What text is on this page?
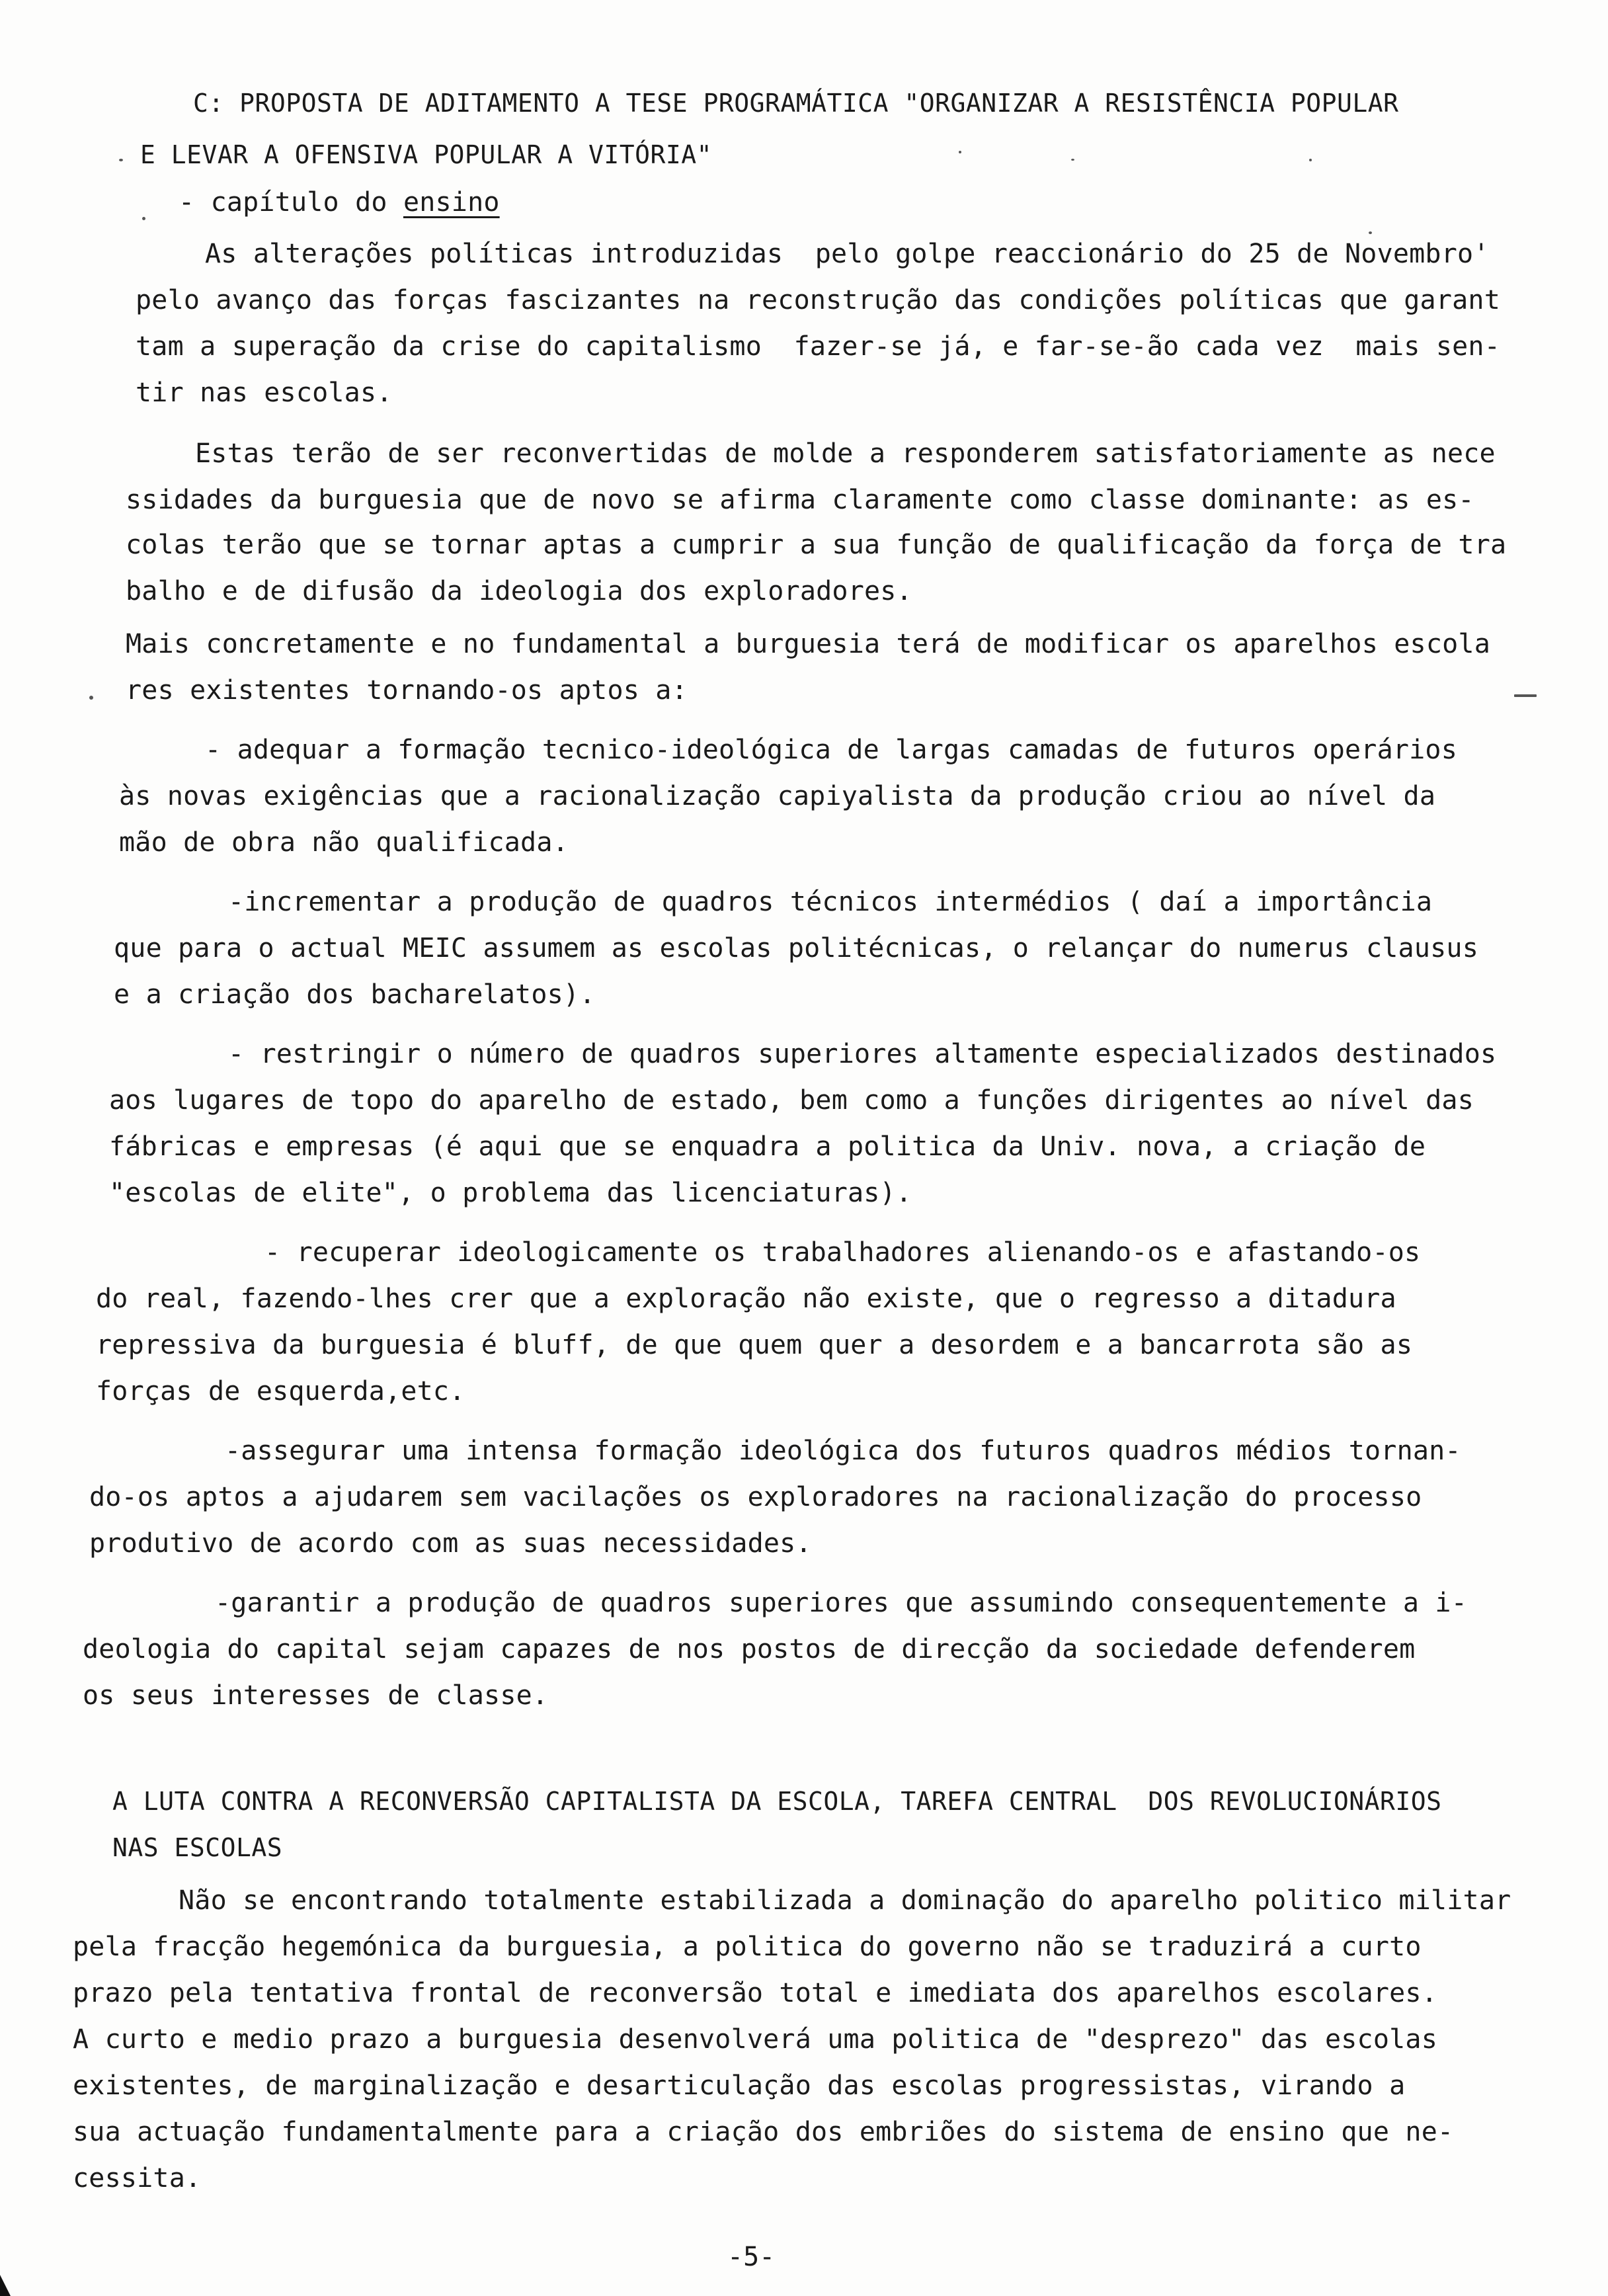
C: PROPOSTA DE ADITAMENTO A TESE PROGRAMÁTICA "ORGANIZAR A RESISTÊNCIA POPULAR
E LEVAR A OFENSIVA POPULAR A VITÓRIA"
- capítulo do ensino
As alterações políticas introduzidas  pelo golpe reaccionário do 25 de Novembro'
pelo avanço das forças fascizantes na reconstrução das condições políticas que garant
tam a superação da crise do capitalismo  fazer-se já, e far-se-ão cada vez  mais sen-
tir nas escolas.
Estas terão de ser reconvertidas de molde a responderem satisfatoriamente as nece
ssidades da burguesia que de novo se afirma claramente como classe dominante: as es-
colas terão que se tornar aptas a cumprir a sua função de qualificação da força de tra
balho e de difusão da ideologia dos exploradores.
Mais concretamente e no fundamental a burguesia terá de modificar os aparelhos escola
res existentes tornando-os aptos a:
- adequar a formação tecnico-ideológica de largas camadas de futuros operários
às novas exigências que a racionalização capiyalista da produção criou ao nível da
mão de obra não qualificada.
-incrementar a produção de quadros técnicos intermédios ( daí a importância
que para o actual MEIC assumem as escolas politécnicas, o relançar do numerus clausus
e a criação dos bacharelatos).
- restringir o número de quadros superiores altamente especializados destinados
aos lugares de topo do aparelho de estado, bem como a funções dirigentes ao nível das
fábricas e empresas (é aqui que se enquadra a politica da Univ. nova, a criação de
"escolas de elite", o problema das licenciaturas).
- recuperar ideologicamente os trabalhadores alienando-os e afastando-os
do real, fazendo-lhes crer que a exploração não existe, que o regresso a ditadura
repressiva da burguesia é bluff, de que quem quer a desordem e a bancarrota são as
forças de esquerda,etc.
-assegurar uma intensa formação ideológica dos futuros quadros médios tornan-
do-os aptos a ajudarem sem vacilações os exploradores na racionalização do processo
produtivo de acordo com as suas necessidades.
-garantir a produção de quadros superiores que assumindo consequentemente a i-
deologia do capital sejam capazes de nos postos de direcção da sociedade defenderem
os seus interesses de classe.
A LUTA CONTRA A RECONVERSÃO CAPITALISTA DA ESCOLA, TAREFA CENTRAL  DOS REVOLUCIONÁRIOS
NAS ESCOLAS
Não se encontrando totalmente estabilizada a dominação do aparelho politico militar
pela fracção hegemónica da burguesia, a politica do governo não se traduzirá a curto
prazo pela tentativa frontal de reconversão total e imediata dos aparelhos escolares.
A curto e medio prazo a burguesia desenvolverá uma politica de "desprezo" das escolas
existentes, de marginalização e desarticulação das escolas progressistas, virando a
sua actuação fundamentalmente para a criação dos embriões do sistema de ensino que ne-
cessita.
-5-
